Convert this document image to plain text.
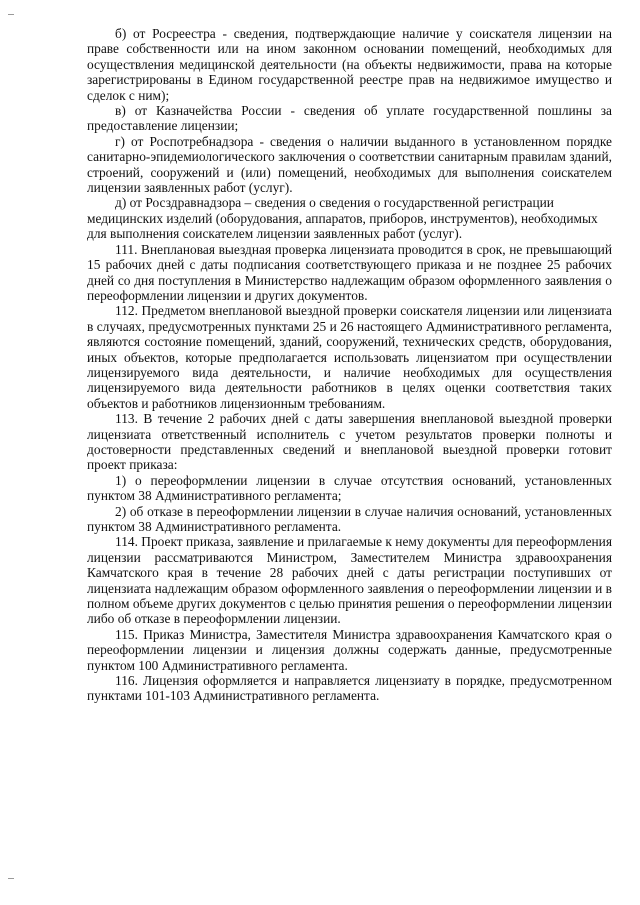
б) от Росреестра - сведения, подтверждающие наличие у соискателя лицензии на праве собственности или на ином законном основании помещений, необходимых для осуществления медицинской деятельности (на объекты недвижимости, права на которые зарегистрированы в Едином государственной реестре прав на недвижимое имущество и сделок с ним);

в) от Казначейства России - сведения об уплате государственной пошлины за предоставление лицензии;

г) от Роспотребнадзора - сведения о наличии выданного в установленном порядке санитарно-эпидемиологического заключения о соответствии санитарным правилам зданий, строений, сооружений и (или) помещений, необходимых для выполнения соискателем лицензии заявленных работ (услуг).

д) от Росздравнадзора – сведения о сведения о государственной регистрации медицинских изделий (оборудования, аппаратов, приборов, инструментов), необходимых для выполнения соискателем лицензии заявленных работ (услуг).

111. Внеплановая выездная проверка лицензиата проводится в срок, не превышающий 15 рабочих дней с даты подписания соответствующего приказа и не позднее 25 рабочих дней со дня поступления в Министерство надлежащим образом оформленного заявления о переоформлении лицензии и других документов.

112. Предметом внеплановой выездной проверки соискателя лицензии или лицензиата в случаях, предусмотренных пунктами 25 и 26 настоящего Административного регламента, являются состояние помещений, зданий, сооружений, технических средств, оборудования, иных объектов, которые предполагается использовать лицензиатом при осуществлении лицензируемого вида деятельности, и наличие необходимых для осуществления лицензируемого вида деятельности работников в целях оценки соответствия таких объектов и работников лицензионным требованиям.

113. В течение 2 рабочих дней с даты завершения внеплановой выездной проверки лицензиата ответственный исполнитель с учетом результатов проверки полноты и достоверности представленных сведений и внеплановой выездной проверки готовит проект приказа:

1) о переоформлении лицензии в случае отсутствия оснований, установленных пунктом 38 Административного регламента;

2) об отказе в переоформлении лицензии в случае наличия оснований, установленных пунктом 38 Административного регламента.

114. Проект приказа, заявление и прилагаемые к нему документы для переоформления лицензии рассматриваются Министром, Заместителем Министра здравоохранения Камчатского края в течение 28 рабочих дней с даты регистрации поступивших от лицензиата надлежащим образом оформленного заявления о переоформлении лицензии и в полном объеме других документов с целью принятия решения о переоформлении лицензии либо об отказе в переоформлении лицензии.

115. Приказ Министра, Заместителя Министра здравоохранения Камчатского края о переоформлении лицензии и лицензия должны содержать данные, предусмотренные пунктом 100 Административного регламента.

116. Лицензия оформляется и направляется лицензиату в порядке, предусмотренном пунктами 101-103 Административного регламента.
